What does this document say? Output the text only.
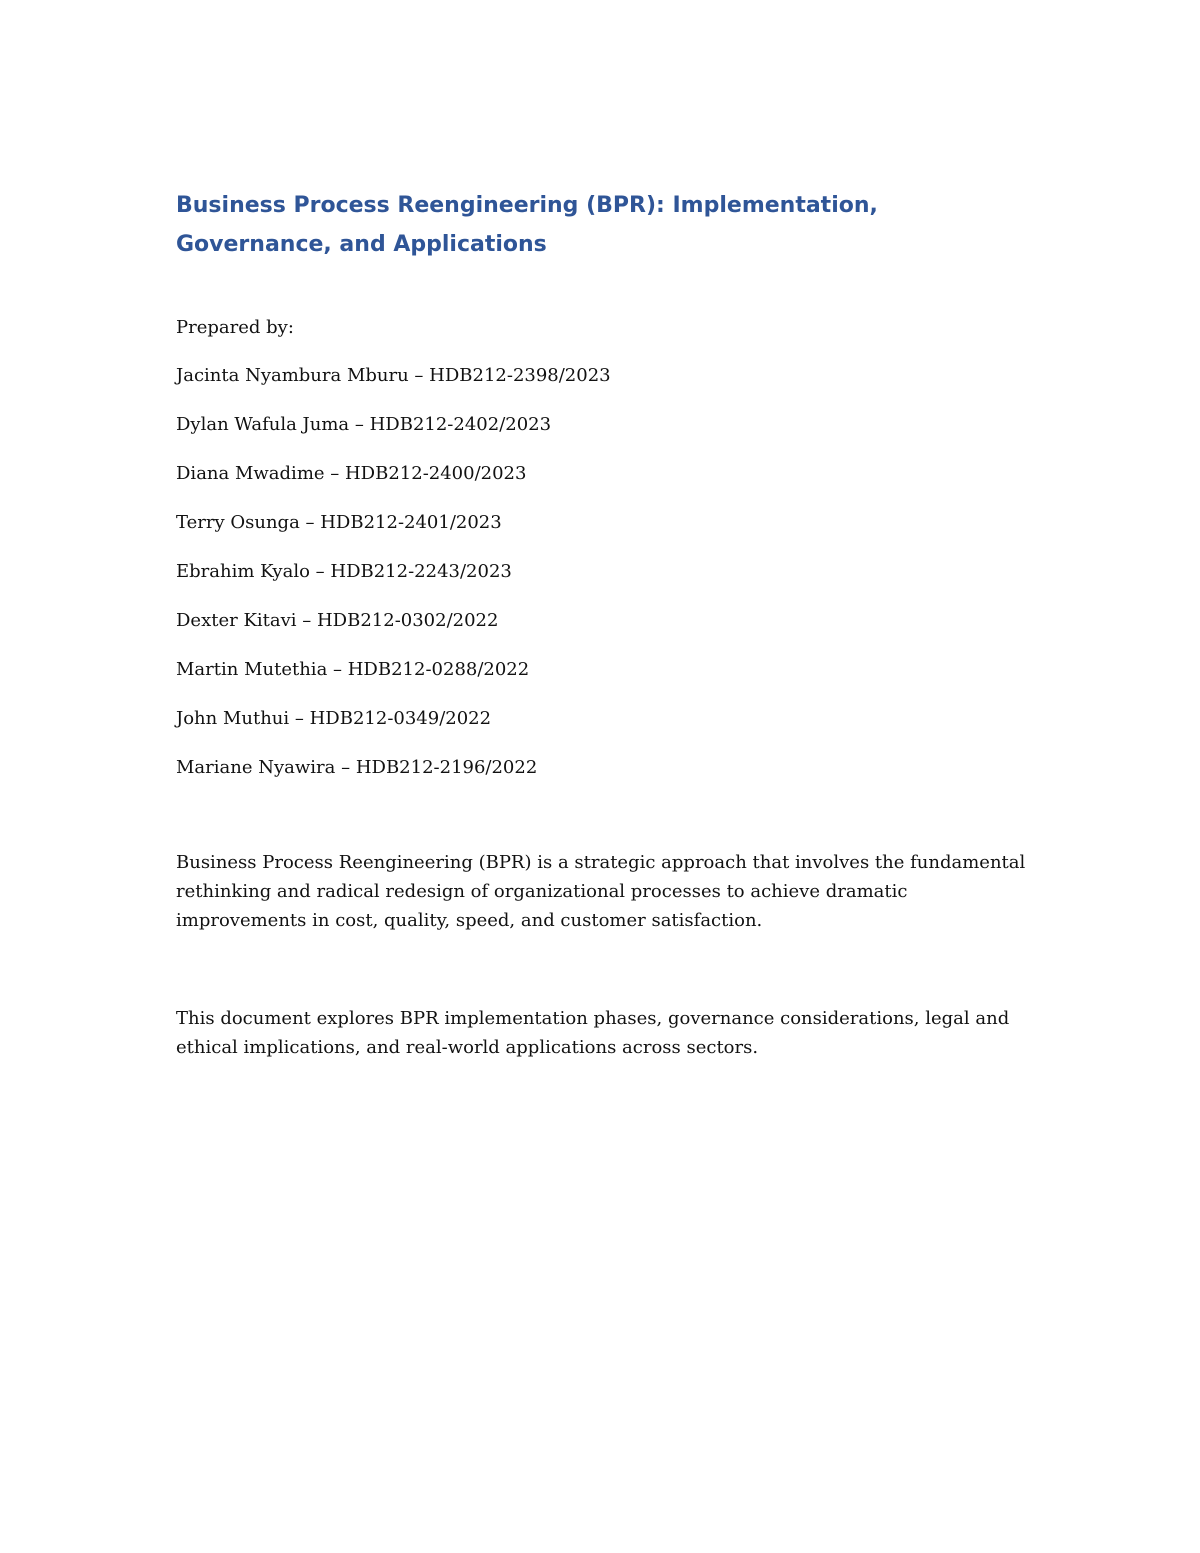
Business Process Reengineering (BPR): Implementation, Governance, and Applications

Prepared by:

Jacinta Nyambura Mburu – HDB212-2398/2023
Dylan Wafula Juma – HDB212-2402/2023
Diana Mwadime – HDB212-2400/2023
Terry Osunga – HDB212-2401/2023
Ebrahim Kyalo – HDB212-2243/2023
Dexter Kitavi – HDB212-0302/2022
Martin Mutethia – HDB212-0288/2022
John Muthui – HDB212-0349/2022
Mariane Nyawira – HDB212-2196/2022

Business Process Reengineering (BPR) is a strategic approach that involves the fundamental rethinking and radical redesign of organizational processes to achieve dramatic improvements in cost, quality, speed, and customer satisfaction.

This document explores BPR implementation phases, governance considerations, legal and ethical implications, and real-world applications across sectors.
